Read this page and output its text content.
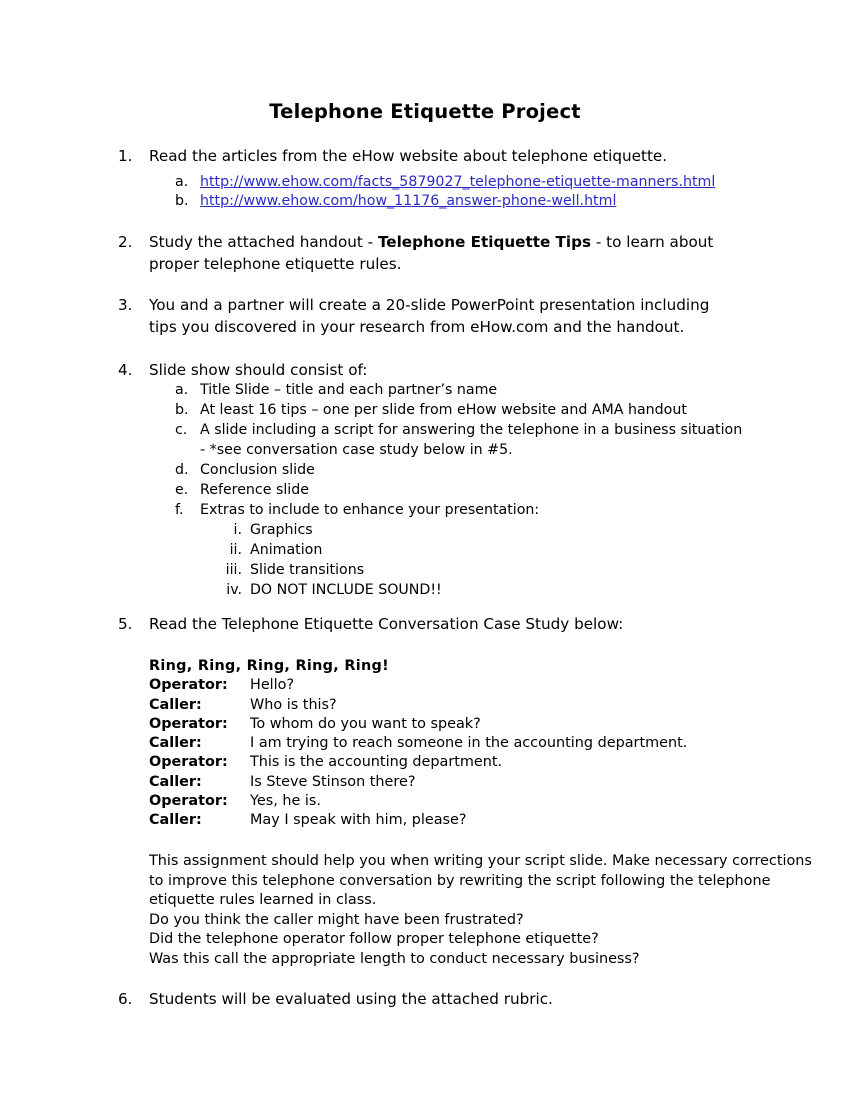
Telephone Etiquette Project
1.	Read the articles from the eHow website about telephone etiquette.
a. http://www.ehow.com/facts_5879027_telephone-etiquette-manners.html
b. http://www.ehow.com/how_11176_answer-phone-well.html
2.	Study the attached handout - Telephone Etiquette Tips - to learn about proper telephone etiquette rules.
3.	You and a partner will create a 20-slide PowerPoint presentation including tips you discovered in your research from eHow.com and the handout.
4.	Slide show should consist of:
a. Title Slide – title and each partner’s name
b. At least 16 tips – one per slide from eHow website and AMA handout
c. A slide including a script for answering the telephone in a business situation - *see conversation case study below in #5.
d. Conclusion slide
e. Reference slide
f.	Extras to include to enhance your presentation:
i. Graphics
ii. Animation
iii. Slide transitions
iv. DO NOT INCLUDE SOUND!!
5.	Read the Telephone Etiquette Conversation Case Study below:
Ring, Ring, Ring, Ring, Ring!
Operator: Hello?
Caller:	Who is this?
Operator: To whom do you want to speak?
Caller:	I am trying to reach someone in the accounting department.
Operator: This is the accounting department.
Caller:	Is Steve Stinson there?
Operator: Yes, he is.
Caller:	May I speak with him, please?
This assignment should help you when writing your script slide. Make necessary corrections
to improve this telephone conversation by rewriting the script following the telephone
etiquette rules learned in class.
Do you think the caller might have been frustrated?
Did the telephone operator follow proper telephone etiquette?
Was this call the appropriate length to conduct necessary business?
6.	Students will be evaluated using the attached rubric.
